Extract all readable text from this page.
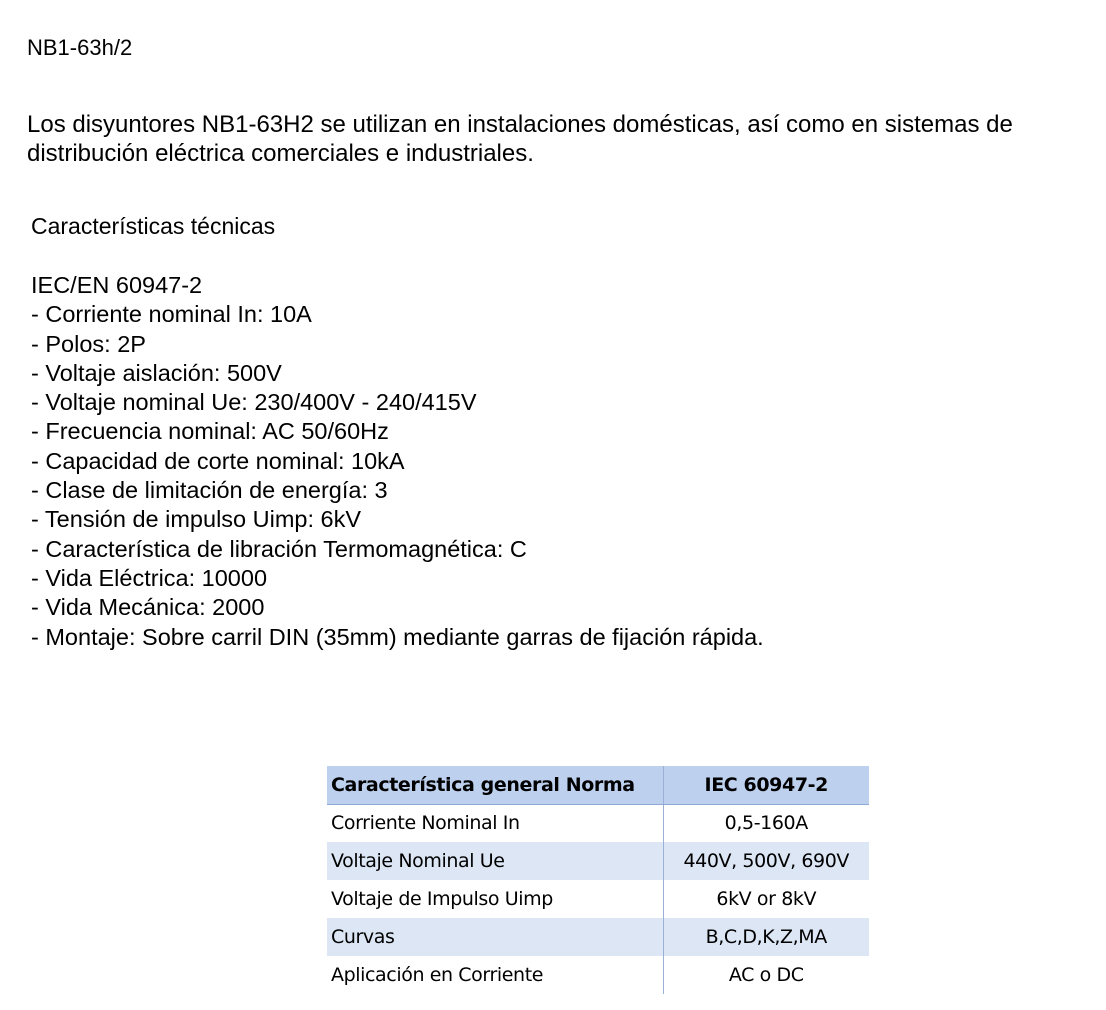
NB1-63h/2

Los disyuntores NB1-63H2 se utilizan en instalaciones domésticas, así como en sistemas de distribución eléctrica comerciales e industriales.

Características técnicas

IEC/EN 60947-2
- Corriente nominal In: 10A
- Polos: 2P
- Voltaje aislación: 500V
- Voltaje nominal Ue: 230/400V - 240/415V
- Frecuencia nominal: AC 50/60Hz
- Capacidad de corte nominal: 10kA
- Clase de limitación de energía: 3
- Tensión de impulso Uimp: 6kV
- Característica de libración Termomagnética: C
- Vida Eléctrica: 10000
- Vida Mecánica: 2000
- Montaje: Sobre carril DIN (35mm) mediante garras de fijación rápida.
Característica general Norma	IEC 60947-2
Corriente Nominal In	0,5-160A
Voltaje Nominal Ue	440V, 500V, 690V
Voltaje de Impulso Uimp	6kV or 8kV
Curvas	B,C,D,K,Z,MA
Aplicación en Corriente	AC o DC
